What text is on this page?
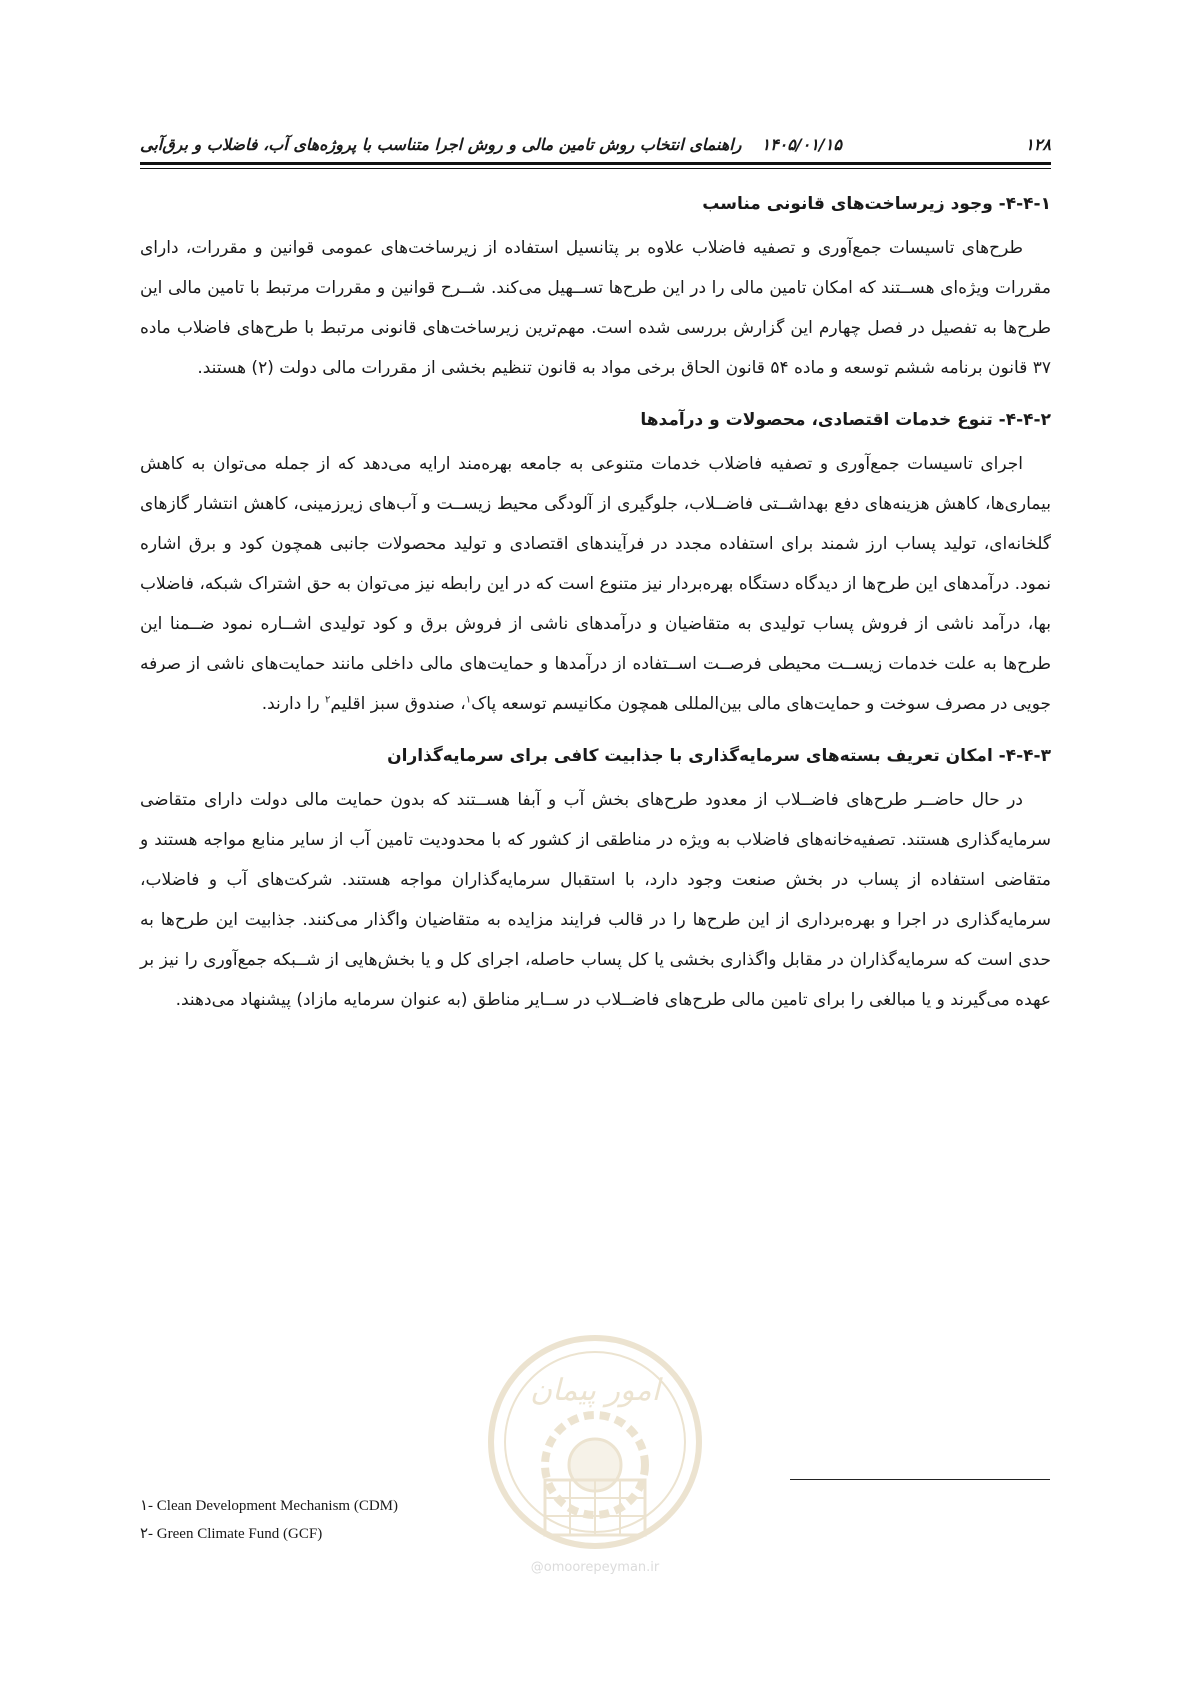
۱۲۸
۱۴۰۵/۰۱/۱۵
راهنمای انتخاب روش تامین مالی و روش اجرا متناسب با پروژه‌های آب، فاضلاب و برق‌آبی
۴-۴-۱- وجود زیرساخت‌های قانونی مناسب

طرح‌های تاسیسات جمع‌آوری و تصفیه فاضلاب علاوه بر پتانسیل استفاده از زیرساخت‌های عمومی قوانین و مقررات، دارای مقررات ویژه‌ای هســتند که امکان تامین مالی را در این طرح‌ها تســهیل می‌کند. شــرح قوانین و مقررات مرتبط با تامین مالی این طرح‌ها به تفصیل در فصل چهارم این گزارش بررسی شده است. مهم‌ترین زیرساخت‌های قانونی مرتبط با طرح‌های فاضلاب ماده ۳۷ قانون برنامه ششم توسعه و ماده ۵۴ قانون الحاق برخی مواد به قانون تنظیم بخشی از مقررات مالی دولت (۲) هستند.

۴-۴-۲- تنوع خدمات اقتصادی، محصولات و درآمدها

اجرای تاسیسات جمع‌آوری و تصفیه فاضلاب خدمات متنوعی به جامعه بهره‌مند ارایه می‌دهد که از جمله می‌توان به کاهش بیماری‌ها، کاهش هزینه‌های دفع بهداشــتی فاضــلاب، جلوگیری از آلودگی محیط زیســت و آب‌های زیرزمینی، کاهش انتشار گازهای گلخانه‌ای، تولید پساب ارز شمند برای استفاده مجدد در فرآیندهای اقتصادی و تولید محصولات جانبی همچون کود و برق اشاره نمود. درآمدهای این طرح‌ها از دیدگاه دستگاه بهره‌بردار نیز متنوع است که در این رابطه نیز می‌توان به حق اشتراک شبکه، فاضلاب بها، درآمد ناشی از فروش پساب تولیدی به متقاضیان و درآمدهای ناشی از فروش برق و کود تولیدی اشــاره نمود ضــمنا این طرح‌ها به علت خدمات زیســت محیطی فرصــت اســتفاده از درآمدها و حمایت‌های مالی داخلی مانند حمایت‌های ناشی از صرفه جویی در مصرف سوخت و حمایت‌های مالی بین‌المللی همچون مکانیسم توسعه پاک$^۱$، صندوق سبز اقلیم$^۲$ را دارند.

۴-۴-۳- امکان تعریف بسته‌های سرمایه‌گذاری با جذابیت کافی برای سرمایه‌گذاران

در حال حاضــر طرح‌های فاضــلاب از معدود طرح‌های بخش آب و آبفا هســتند که بدون حمایت مالی دولت دارای متقاضی سرمایه‌گذاری هستند. تصفیه‌خانه‌های فاضلاب به ویژه در مناطقی از کشور که با محدودیت تامین آب از سایر منابع مواجه هستند و متقاضی استفاده از پساب در بخش صنعت وجود دارد، با استقبال سرمایه‌گذاران مواجه هستند. شرکت‌های آب و فاضلاب، سرمایه‌گذاری در اجرا و بهره‌برداری از این طرح‌ها را در قالب فرایند مزایده به متقاضیان واگذار می‌کنند. جذابیت این طرح‌ها به حدی است که سرمایه‌گذاران در مقابل واگذاری بخشی یا کل پساب حاصله، اجرای کل و یا بخش‌هایی از شــبکه جمع‌آوری را نیز بر عهده می‌گیرند و یا مبالغی را برای تامین مالی طرح‌های فاضــلاب در ســایر مناطق (به عنوان سرمایه مازاد) پیشنهاد می‌دهند.

امور پیمان
@omoorepeyman.ir
۱- Clean Development Mechanism (CDM)
۲- Green Climate Fund (GCF)
